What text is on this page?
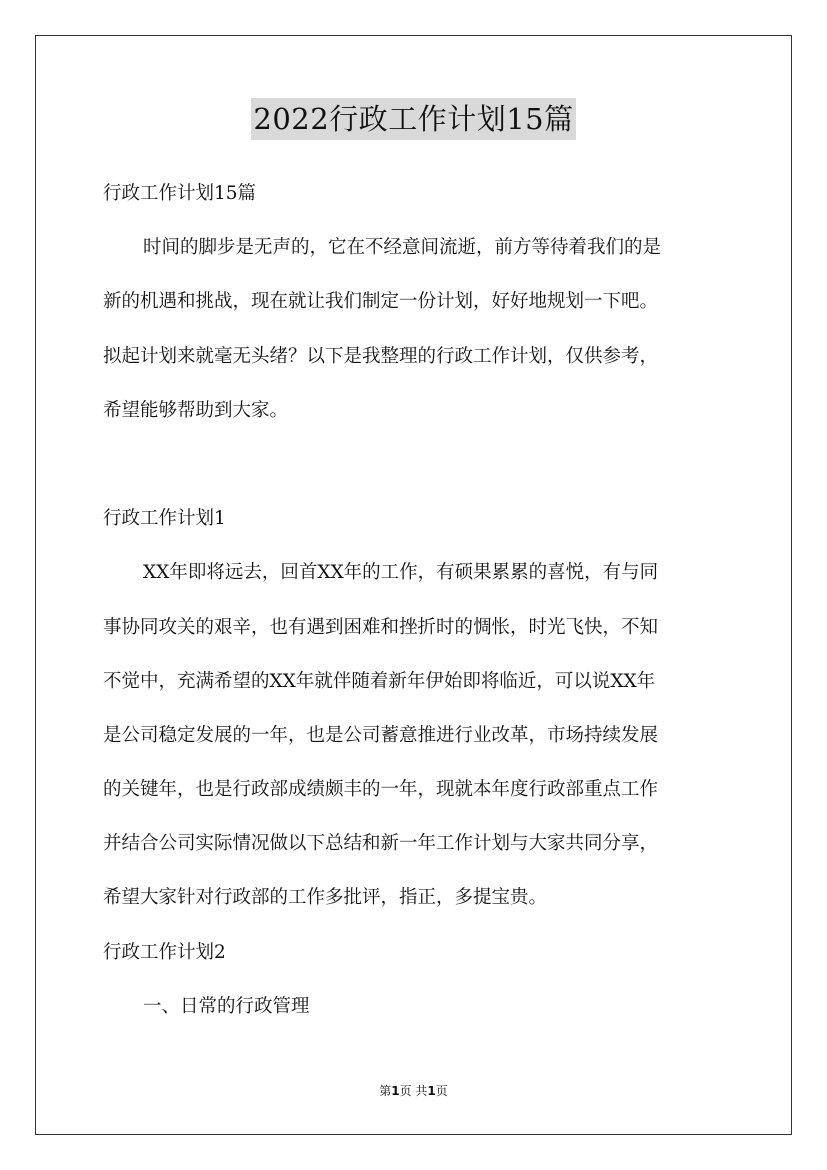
2022行政工作计划15篇
行政工作计划15篇
时间的脚步是无声的，它在不经意间流逝，前方等待着我们的是
新的机遇和挑战，现在就让我们制定一份计划，好好地规划一下吧。
拟起计划来就毫无头绪？以下是我整理的行政工作计划，仅供参考，
希望能够帮助到大家。
行政工作计划1
XX年即将远去，回首XX年的工作，有硕果累累的喜悦，有与同
事协同攻关的艰辛，也有遇到困难和挫折时的惆怅，时光飞快，不知
不觉中，充满希望的XX年就伴随着新年伊始即将临近，可以说XX年
是公司稳定发展的一年，也是公司蓄意推进行业改革，市场持续发展
的关键年，也是行政部成绩颇丰的一年，现就本年度行政部重点工作
并结合公司实际情况做以下总结和新一年工作计划与大家共同分享，
希望大家针对行政部的工作多批评，指正，多提宝贵。
行政工作计划2
一、日常的行政管理
第1页 共1页
